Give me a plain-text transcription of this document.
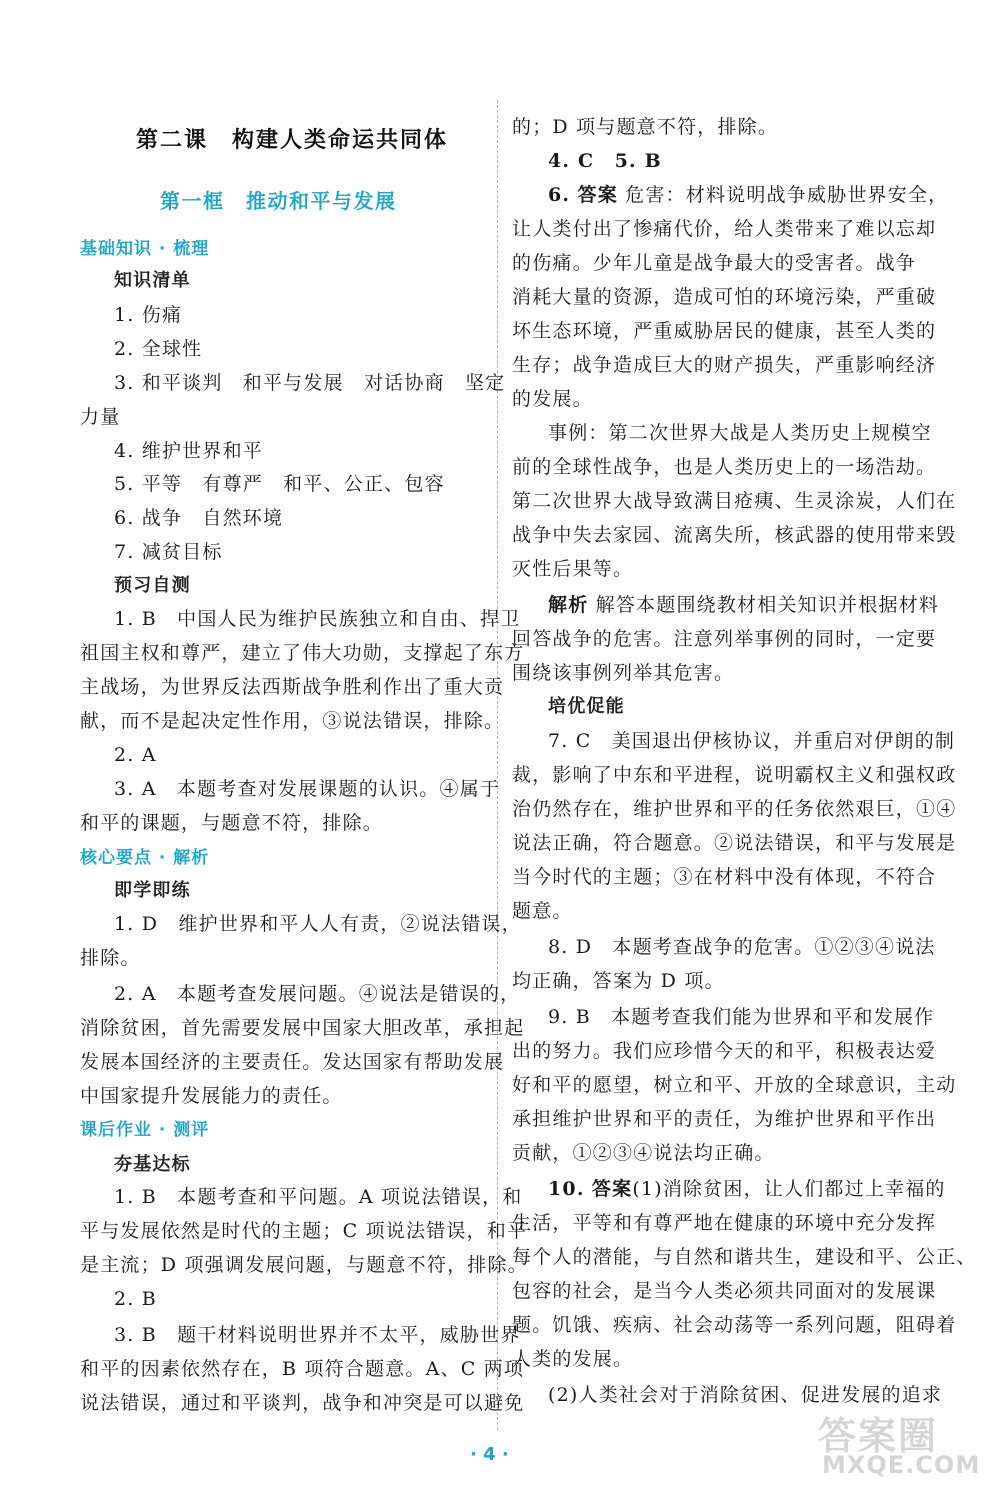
第二课　构建人类命运共同体
第一框　推动和平与发展
基础知识 · 梳理
知识清单
1. 伤痛
2. 全球性
3. 和平谈判　和平与发展　对话协商　坚定
力量
4. 维护世界和平
5. 平等　有尊严　和平、公正、包容
6. 战争　自然环境
7. 减贫目标
预习自测
1. B　中国人民为维护民族独立和自由、捍卫
祖国主权和尊严，建立了伟大功勋，支撑起了东方
主战场，为世界反法西斯战争胜利作出了重大贡
献，而不是起决定性作用，③说法错误，排除。
2. A
3. A　本题考查对发展课题的认识。④属于
和平的课题，与题意不符，排除。
核心要点 · 解析
即学即练
1. D　维护世界和平人人有责，②说法错误，
排除。
2. A　本题考查发展问题。④说法是错误的，
消除贫困，首先需要发展中国家大胆改革，承担起
发展本国经济的主要责任。发达国家有帮助发展
中国家提升发展能力的责任。
课后作业 · 测评
夯基达标
1. B　本题考查和平问题。A 项说法错误，和
平与发展依然是时代的主题；C 项说法错误，和平
是主流；D 项强调发展问题，与题意不符，排除。
2. B
3. B　题干材料说明世界并不太平，威胁世界
和平的因素依然存在，B 项符合题意。A、C 两项
说法错误，通过和平谈判，战争和冲突是可以避免
的；D 项与题意不符，排除。
4. C　5. B
6. 答案 危害：材料说明战争威胁世界安全，
让人类付出了惨痛代价，给人类带来了难以忘却
的伤痛。少年儿童是战争最大的受害者。战争
消耗大量的资源，造成可怕的环境污染，严重破
坏生态环境，严重威胁居民的健康，甚至人类的
生存；战争造成巨大的财产损失，严重影响经济
的发展。
事例：第二次世界大战是人类历史上规模空
前的全球性战争，也是人类历史上的一场浩劫。
第二次世界大战导致满目疮痍、生灵涂炭，人们在
战争中失去家园、流离失所，核武器的使用带来毁
灭性后果等。
解析 解答本题围绕教材相关知识并根据材料
回答战争的危害。注意列举事例的同时，一定要
围绕该事例列举其危害。
培优促能
7. C　美国退出伊核协议，并重启对伊朗的制
裁，影响了中东和平进程，说明霸权主义和强权政
治仍然存在，维护世界和平的任务依然艰巨，①④
说法正确，符合题意。②说法错误，和平与发展是
当今时代的主题；③在材料中没有体现，不符合
题意。
8. D　本题考查战争的危害。①②③④说法
均正确，答案为 D 项。
9. B　本题考查我们能为世界和平和发展作
出的努力。我们应珍惜今天的和平，积极表达爱
好和平的愿望，树立和平、开放的全球意识，主动
承担维护世界和平的责任，为维护世界和平作出
贡献，①②③④说法均正确。
10. 答案(1)消除贫困，让人们都过上幸福的
生活，平等和有尊严地在健康的环境中充分发挥
每个人的潜能，与自然和谐共生，建设和平、公正、
包容的社会，是当今人类必须共同面对的发展课
题。饥饿、疾病、社会动荡等一系列问题，阻碍着
人类的发展。
(2)人类社会对于消除贫困、促进发展的追求
· 4 ·	答案圈
MXQE.COM
